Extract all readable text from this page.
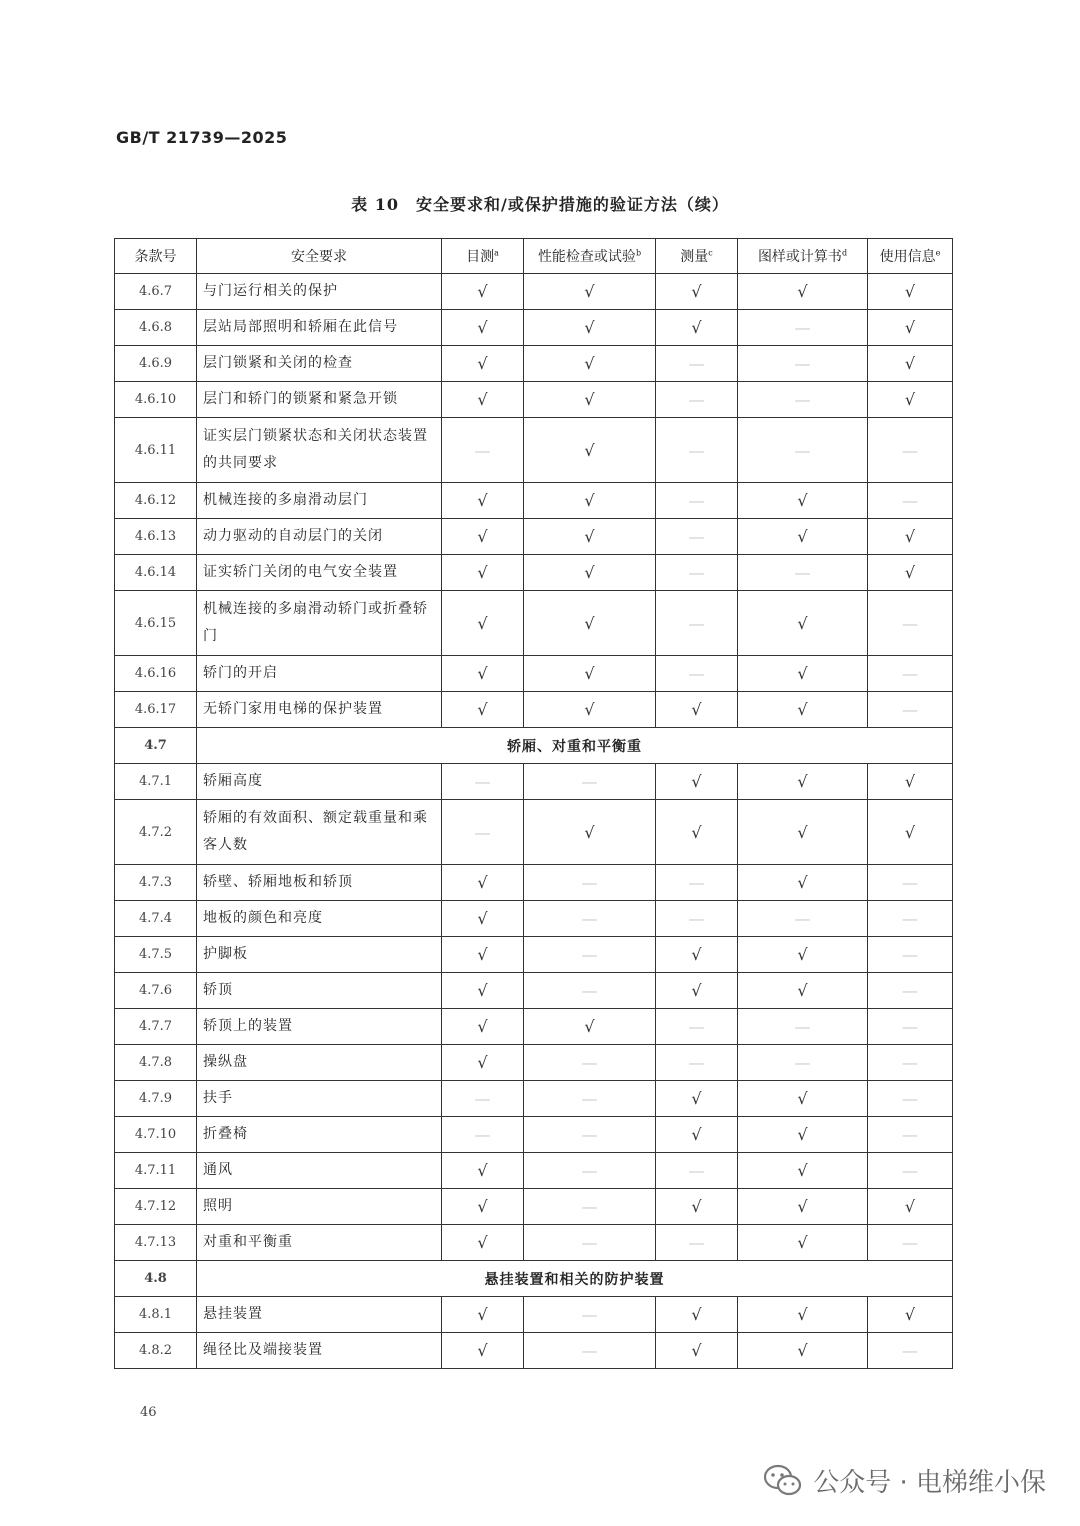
GB/T 21739—2025
表 10　安全要求和/或保护措施的验证方法（续）
条款号	安全要求	目测$^a$	性能检查或试验$^b$	测量$^c$	图样或计算书$^d$	使用信息$^e$
4.6.7	与门运行相关的保护	√	√	√	√	√
4.6.8	层站局部照明和轿厢在此信号	√	√	√	—	√
4.6.9	层门锁紧和关闭的检查	√	√	—	—	√
4.6.10	层门和轿门的锁紧和紧急开锁	√	√	—	—	√
4.6.11	证实层门锁紧状态和关闭状态装置的共同要求	—	√	—	—	—
4.6.12	机械连接的多扇滑动层门	√	√	—	√	—
4.6.13	动力驱动的自动层门的关闭	√	√	—	√	√
4.6.14	证实轿门关闭的电气安全装置	√	√	—	—	√
4.6.15	机械连接的多扇滑动轿门或折叠轿门	√	√	—	√	—
4.6.16	轿门的开启	√	√	—	√	—
4.6.17	无轿门家用电梯的保护装置	√	√	√	√	—
4.7	轿厢、对重和平衡重					
4.7.1	轿厢高度	—	—	√	√	√
4.7.2	轿厢的有效面积、额定载重量和乘客人数	—	√	√	√	√
4.7.3	轿壁、轿厢地板和轿顶	√	—	—	√	—
4.7.4	地板的颜色和亮度	√	—	—	—	—
4.7.5	护脚板	√	—	√	√	—
4.7.6	轿顶	√	—	√	√	—
4.7.7	轿顶上的装置	√	√	—	—	—
4.7.8	操纵盘	√	—	—	—	—
4.7.9	扶手	—	—	√	√	—
4.7.10	折叠椅	—	—	√	√	—
4.7.11	通风	√	—	—	√	—
4.7.12	照明	√	—	√	√	√
4.7.13	对重和平衡重	√	—	—	√	—
4.8	悬挂装置和相关的防护装置					
4.8.1	悬挂装置	√	—	√	√	√
4.8.2	绳径比及端接装置	√	—	√	√	—
46
公众号 · 电梯维小保
